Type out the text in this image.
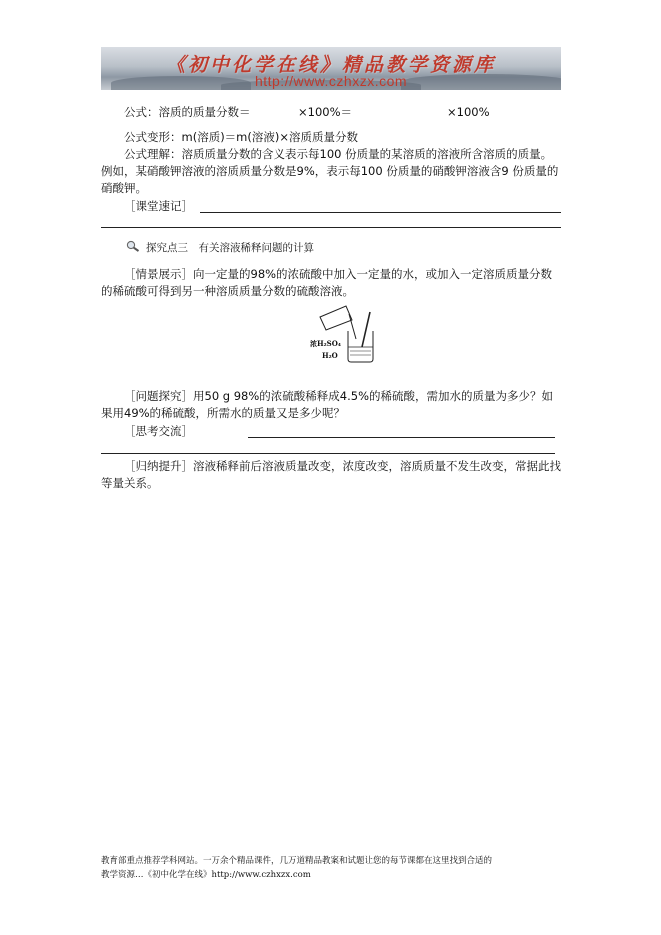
《初中化学在线》精品教学资源库
http://www.czhxzx.com
公式：溶质的质量分数＝	×100%＝	×100%
公式变形：m(溶质)＝m(溶液)×溶质质量分数
公式理解：溶质质量分数的含义表示每100 份质量的某溶质的溶液所含溶质的质量。例如，某硝酸钾溶液的溶质质量分数是9%，表示每100 份质量的硝酸钾溶液含9 份质量的硝酸钾。
［课堂速记］
探究点三　有关溶液稀释问题的计算
［情景展示］向一定量的98%的浓硫酸中加入一定量的水，或加入一定溶质质量分数的稀硫酸可得到另一种溶质质量分数的硫酸溶液。
浓H₂SO₄
H₂O
［问题探究］用50 g 98%的浓硫酸稀释成4.5%的稀硫酸，需加水的质量为多少？如果用49%的稀硫酸，所需水的质量又是多少呢？
［思考交流］
［归纳提升］溶液稀释前后溶液质量改变，浓度改变，溶质质量不发生改变，常据此找等量关系。
教育部重点推荐学科网站。一万余个精品课件，几万道精品教案和试题让您的每节课都在这里找到合适的
教学资源…《初中化学在线》http://www.czhxzx.com
